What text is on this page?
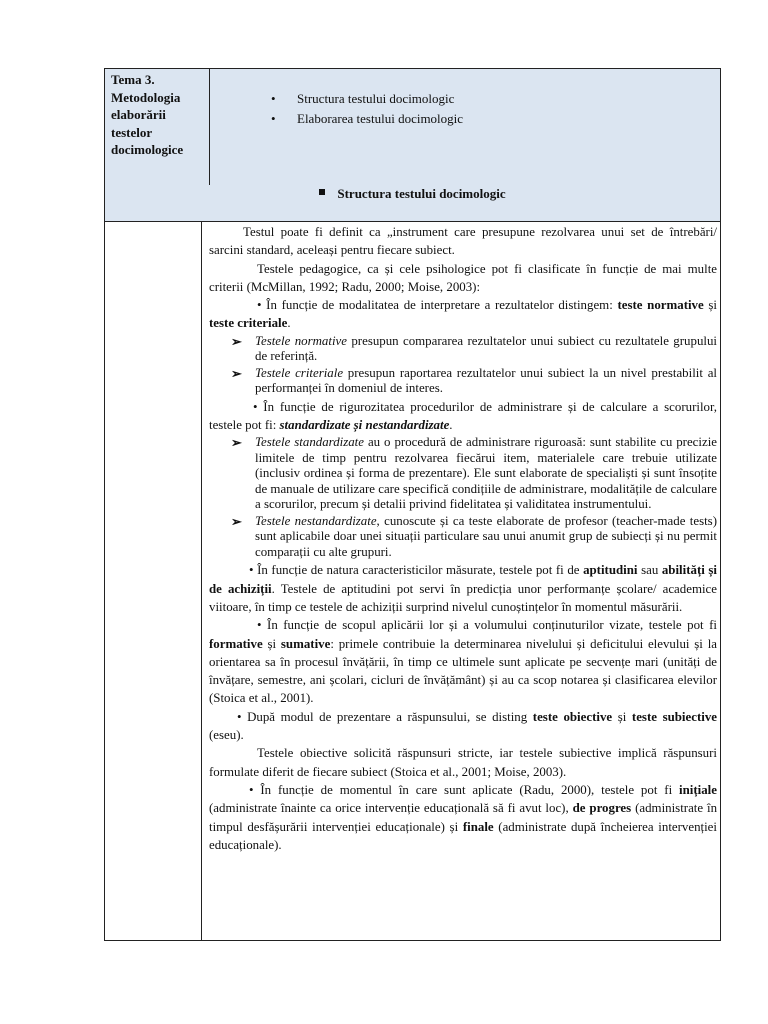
Tema 3.
Metodologia
elaborării
testelor
docimologice
• Structura testului docimologic
• Elaborarea testului docimologic
Structura testului docimologic

Testul poate fi definit ca „instrument care presupune rezolvarea unui set de întrebări/ sarcini standard, aceleași pentru fiecare subiect.

Testele pedagogice, ca și cele psihologice pot fi clasificate în funcție de mai multe criterii (McMillan, 1992; Radu, 2000; Moise, 2003):

• În funcție de modalitatea de interpretare a rezultatelor distingem: teste normative și teste criteriale.

➢ Testele normative presupun compararea rezultatelor unui subiect cu rezultatele grupului de referință.
➢ Testele criteriale presupun raportarea rezultatelor unui subiect la un nivel prestabilit al performanței în domeniul de interes.

• În funcție de rigurozitatea procedurilor de administrare și de calculare a scorurilor, testele pot fi: standardizate și nestandardizate.

➢ Testele standardizate au o procedură de administrare riguroasă: sunt stabilite cu precizie limitele de timp pentru rezolvarea fiecărui item, materialele care trebuie utilizate (inclusiv ordinea și forma de prezentare). Ele sunt elaborate de specialiști și sunt însoțite de manuale de utilizare care specifică condițiile de administrare, modalitățile de calculare a scorurilor, precum și detalii privind fidelitatea și validitatea instrumentului.
➢ Testele nestandardizate, cunoscute și ca teste elaborate de profesor (teacher-made tests) sunt aplicabile doar unei situații particulare sau unui anumit grup de subiecți și nu permit comparații cu alte grupuri.

• În funcție de natura caracteristicilor măsurate, testele pot fi de aptitudini sau abilități și de achiziții. Testele de aptitudini pot servi în predicția unor performanțe școlare/ academice viitoare, în timp ce testele de achiziții surprind nivelul cunoștințelor în momentul măsurării.

• În funcție de scopul aplicării lor și a volumului conținuturilor vizate, testele pot fi formative și sumative: primele contribuie la determinarea nivelului și deficitului elevului și la orientarea sa în procesul învățării, în timp ce ultimele sunt aplicate pe secvențe mari (unități de învățare, semestre, ani școlari, cicluri de învățământ) și au ca scop notarea și clasificarea elevilor (Stoica et al., 2001).

• După modul de prezentare a răspunsului, se disting teste obiective și teste subiective (eseu).

Testele obiective solicită răspunsuri stricte, iar testele subiective implică răspunsuri formulate diferit de fiecare subiect (Stoica et al., 2001; Moise, 2003).

• În funcție de momentul în care sunt aplicate (Radu, 2000), testele pot fi inițiale (administrate înainte ca orice intervenție educațională să fi avut loc), de progres (administrate în timpul desfășurării intervenției educaționale) și finale (administrate după încheierea intervenției educaționale).
